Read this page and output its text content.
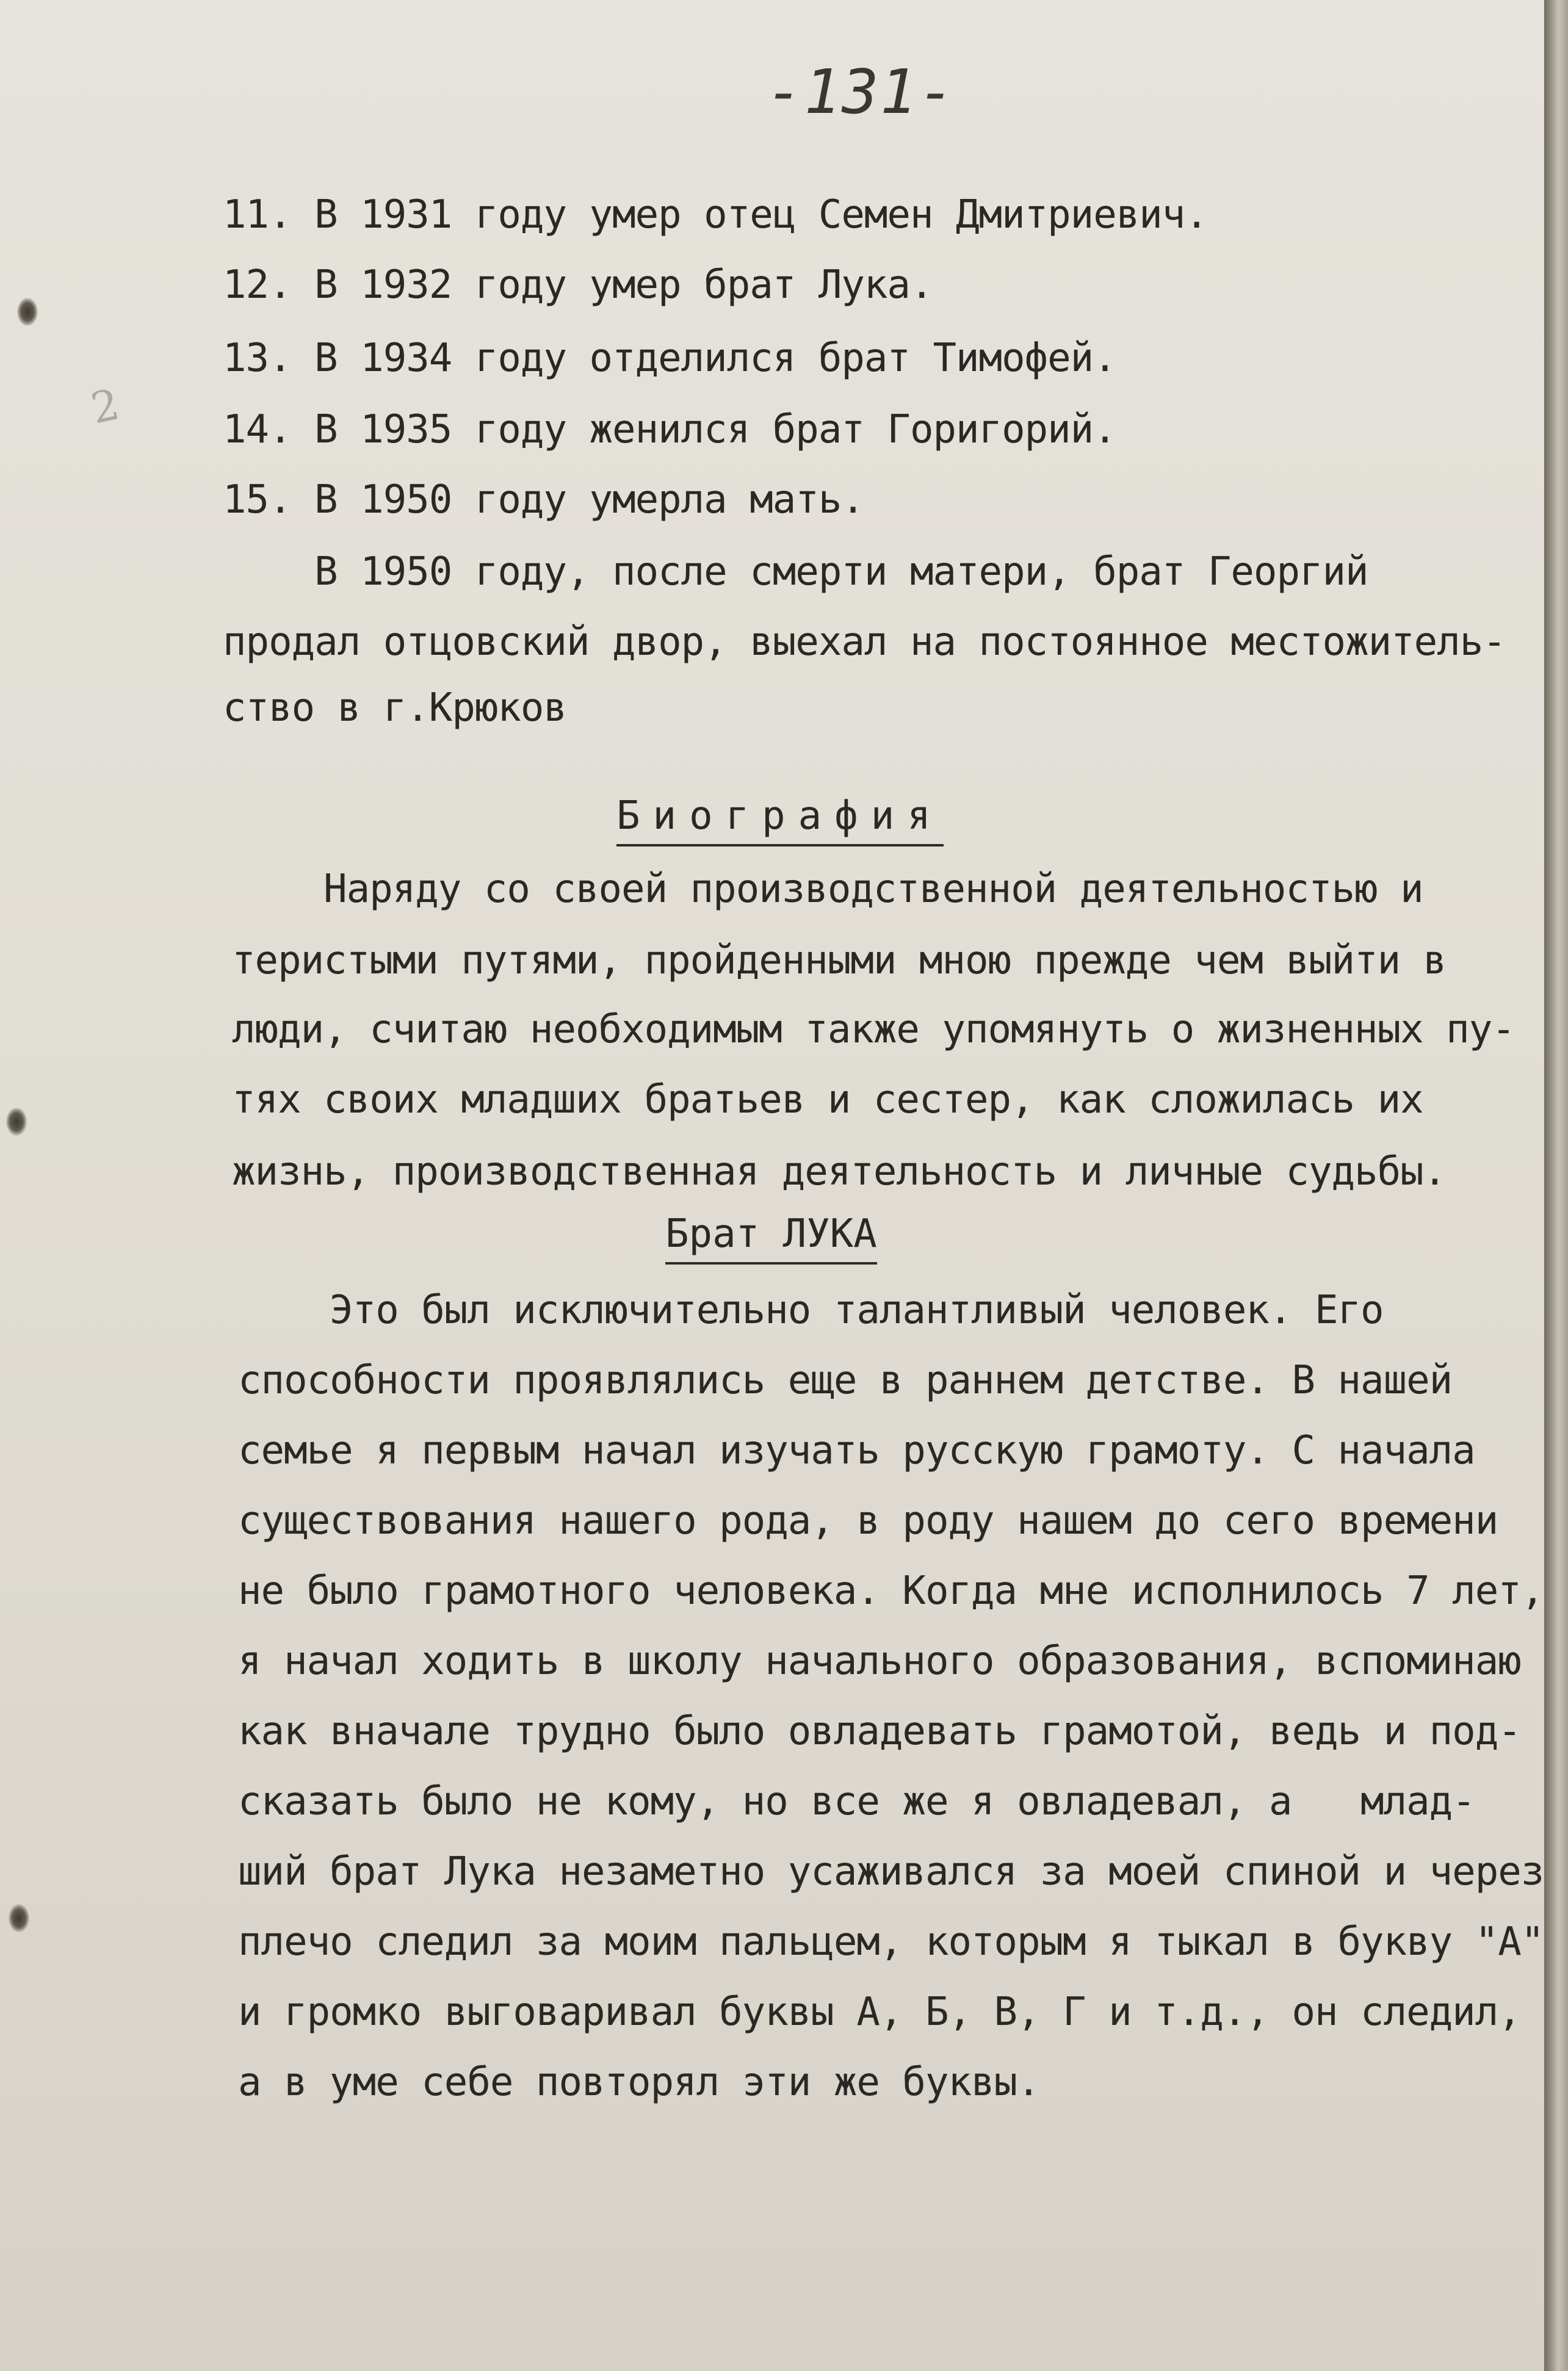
2

-131-

11. В 1931 году умер отец Семен Дмитриевич.

12. В 1932 году умер брат Лука.

13. В 1934 году отделился брат Тимофей.

14. В 1935 году женился брат Горигорий.

15. В 1950 году умерла мать.

В 1950 году, после смерти матери, брат Георгий

продал отцовский двор, выехал на постоянное местожитель-

ство в г.Крюков

Биография

Наряду со своей производственной деятельностью и

теристыми путями, пройденными мною прежде чем выйти в

люди, считаю необходимым также упомянуть о жизненных пу-

тях своих младших братьев и сестер, как сложилась их

жизнь, производственная деятельность и личные судьбы.

Брат ЛУКА

Это был исключительно талантливый человек. Его

способности проявлялись еще в раннем детстве. В нашей

семье я первым начал изучать русскую грамоту. С начала

существования нашего рода, в роду нашем до сего времени

не было грамотного человека. Когда мне исполнилось 7 лет,

я начал ходить в школу начального образования, вспоминаю

как вначале трудно было овладевать грамотой, ведь и под-

сказать было не кому, но все же я овладевал, а   млад-

ший брат Лука незаметно усаживался за моей спиной и через

плечо следил за моим пальцем, которым я тыкал в букву "А"

и громко выговаривал буквы А, Б, В, Г и т.д., он следил,

а в уме себе повторял эти же буквы.
